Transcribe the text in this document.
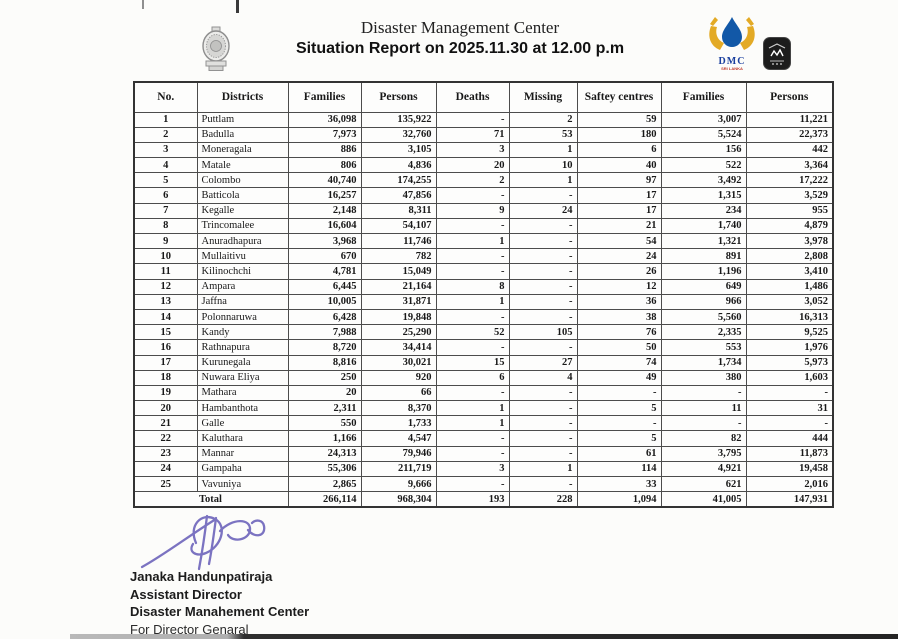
Disaster Management Center
Situation Report on 2025.11.30 at 12.00 p.m
DMC
SRI LANKA
No.	Districts	Families	Persons	Deaths	Missing	Saftey centres	Families	Persons
1	Puttlam	36,098	135,922	-	2	59	3,007	11,221
2	Badulla	7,973	32,760	71	53	180	5,524	22,373
3	Moneragala	886	3,105	3	1	6	156	442
4	Matale	806	4,836	20	10	40	522	3,364
5	Colombo	40,740	174,255	2	1	97	3,492	17,222
6	Batticola	16,257	47,856	-	-	17	1,315	3,529
7	Kegalle	2,148	8,311	9	24	17	234	955
8	Trincomalee	16,604	54,107	-	-	21	1,740	4,879
9	Anuradhapura	3,968	11,746	1	-	54	1,321	3,978
10	Mullaitivu	670	782	-	-	24	891	2,808
11	Kilinochchi	4,781	15,049	-	-	26	1,196	3,410
12	Ampara	6,445	21,164	8	-	12	649	1,486
13	Jaffna	10,005	31,871	1	-	36	966	3,052
14	Polonnaruwa	6,428	19,848	-	-	38	5,560	16,313
15	Kandy	7,988	25,290	52	105	76	2,335	9,525
16	Rathnapura	8,720	34,414	-	-	50	553	1,976
17	Kurunegala	8,816	30,021	15	27	74	1,734	5,973
18	Nuwara Eliya	250	920	6	4	49	380	1,603
19	Mathara	20	66	-	-	-	-	-
20	Hambanthota	2,311	8,370	1	-	5	11	31
21	Galle	550	1,733	1	-	-	-	-
22	Kaluthara	1,166	4,547	-	-	5	82	444
23	Mannar	24,313	79,946	-	-	61	3,795	11,873
24	Gampaha	55,306	211,719	3	1	114	4,921	19,458
25	Vavuniya	2,865	9,666	-	-	33	621	2,016
Total		266,114	968,304	193	228	1,094	41,005	147,931
Janaka Handunpatiraja
Assistant Director
Disaster Manahement Center
For Director Genaral
